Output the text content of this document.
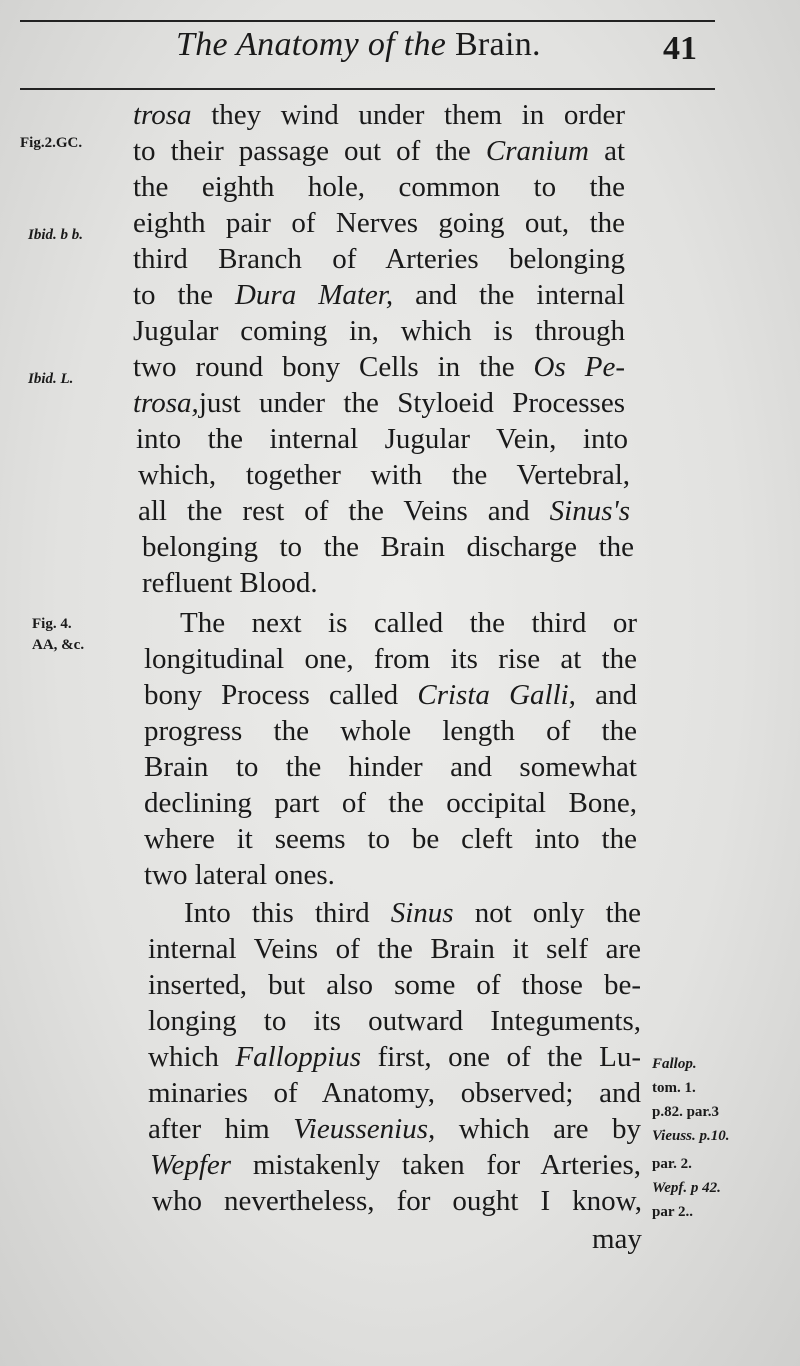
The Anatomy of the Brain.	41
Fig.2.GC.
Ibid. b b.
Ibid. L.
Fig. 4.
AA, &c.
Fallop.
tom. 1.
p.82. par.3
Vieuss. p.10.
par. 2.
Wepf. p 42.
par 2..
trosa they wind under them in order
to their passage out of the Cranium at
the eighth hole, common to the
eighth pair of Nerves going out, the
third Branch of Arteries belonging
to the Dura Mater, and the internal
Jugular coming in, which is through
two round bony Cells in the Os Pe-
trosa,just under the Styloeid Processes
into the internal Jugular Vein, into
which, together with the Vertebral,
all the rest of the Veins and Sinus's
belonging to the Brain discharge the
refluent Blood.
The next is called the third or
longitudinal one, from its rise at the
bony Process called Crista Galli, and
progress the whole length of the
Brain to the hinder and somewhat
declining part of the occipital Bone,
where it seems to be cleft into the
two lateral ones.
Into this third Sinus not only the
internal Veins of the Brain it self are
inserted, but also some of those be-
longing to its outward Integuments,
which Falloppius first, one of the Lu-
minaries of Anatomy, observed; and
after him Vieussenius, which are by
Wepfer mistakenly taken for Arteries,
who nevertheless, for ought I know,
may
